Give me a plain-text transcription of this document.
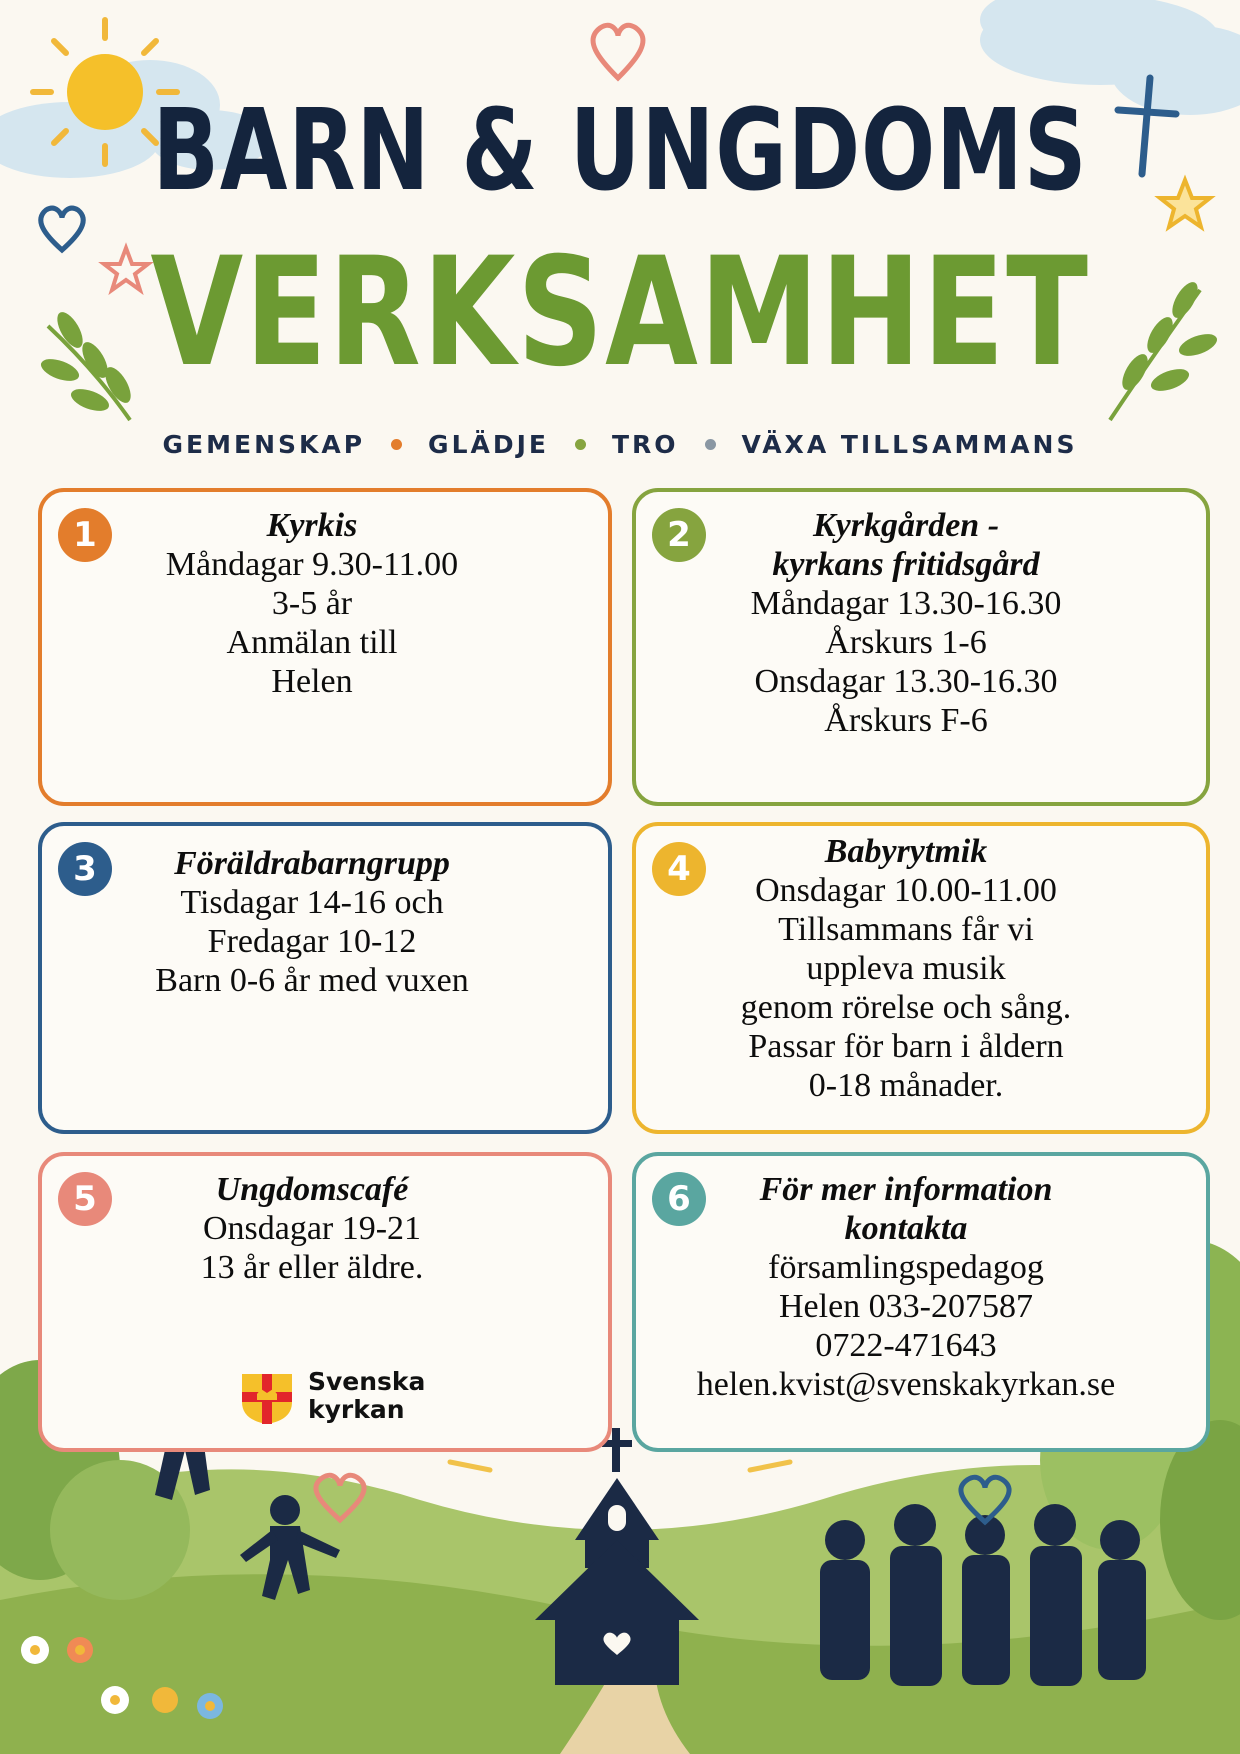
BARN & UNGDOMS
VERKSAMHET
GEMENSKAP	GLÄDJE	TRO	VÄXA TILLSAMMANS
1	Kyrkis
Måndagar 9.30-11.00
3-5 år
Anmälan till
Helen
2	Kyrkgården -
kyrkans fritidsgård
Måndagar 13.30-16.30
Årskurs 1-6
Onsdagar 13.30-16.30
Årskurs F-6
3	Föräldrabarngrupp
Tisdagar 14-16 och
Fredagar 10-12
Barn 0-6 år med vuxen
4	Babyrytmik
Onsdagar 10.00-11.00
Tillsammans får vi
uppleva musik
genom rörelse och sång.
Passar för barn i åldern
0-18 månader.
5	Ungdomscafé
Onsdagar 19-21
13 år eller äldre.
6	För mer information
kontakta
församlingspedagog
Helen 033-207587
0722-471643
helen.kvist@svenskakyrkan.se
Svenska
kyrkan
